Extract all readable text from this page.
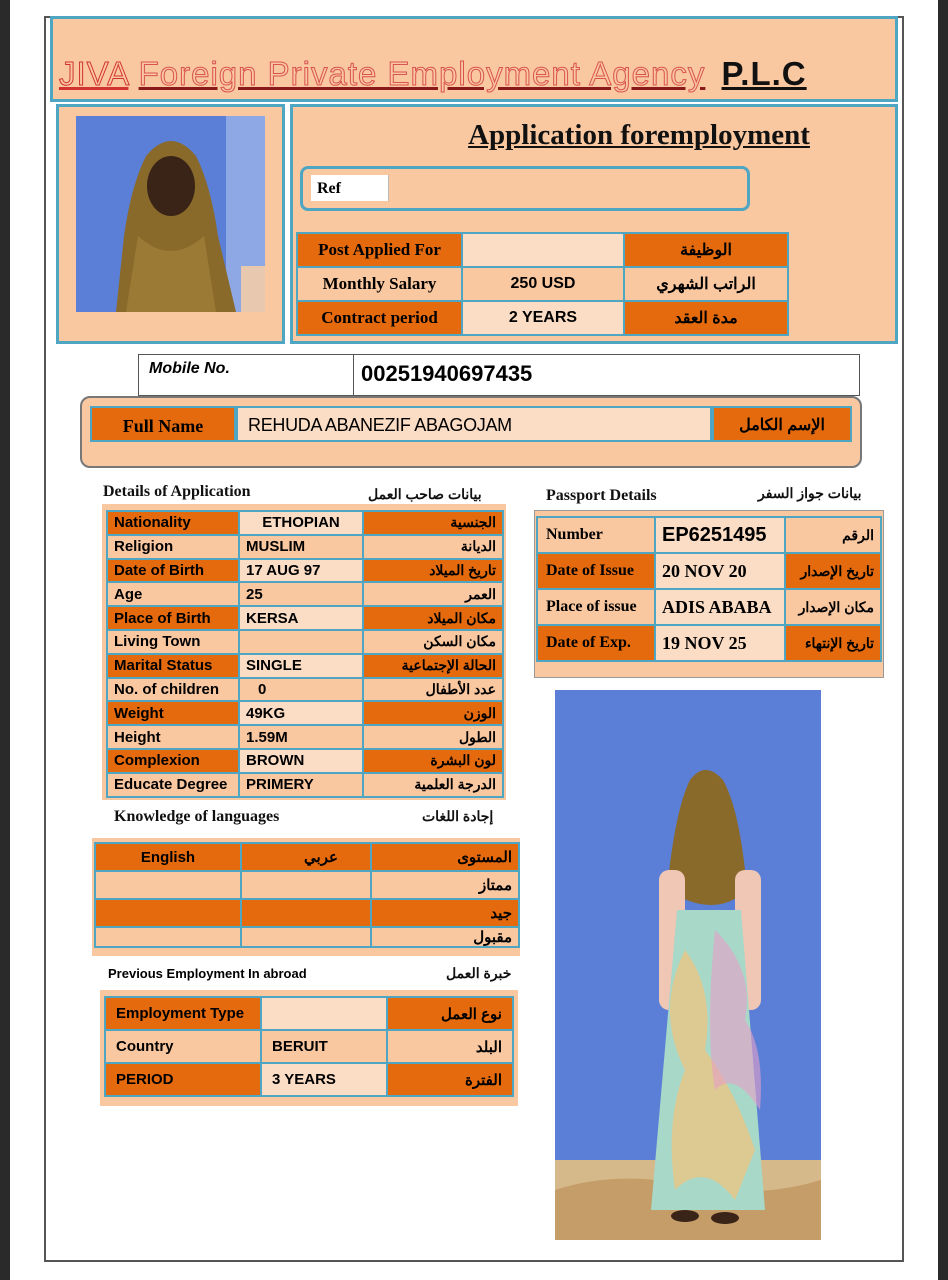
JIVA Foreign Private Employment Agency P.L.C
Application foremployment
Ref
Post Applied For		الوظيفة
Monthly Salary	250 USD	الراتب الشهري
Contract period	2 YEARS	مدة العقد
Mobile No.	00251940697435
Full Name	REHUDA ABANEZIF ABAGOJAM	الإسم الكامل
Details of Application	بيانات صاحب العمل
Nationality	ETHOPIAN	الجنسية
Religion	MUSLIM	الديانة
Date of Birth	17 AUG 97	تاريخ الميلاد
Age	25	العمر
Place of Birth	KERSA	مكان الميلاد
Living Town		مكان السكن
Marital Status	SINGLE	الحالة الإجتماعية
No. of children	0	عدد الأطفال
Weight	49KG	الوزن
Height	1.59M	الطول
Complexion	BROWN	لون البشرة
Educate Degree	PRIMERY	الدرجة العلمية
Knowledge of languages	إجادة اللغات
English	عربي	المستوى
		ممتاز
		جيد
		مقبول
Previous Employment In abroad	خبرة العمل
Employment Type		نوع العمل
Country	BERUIT	البلد
PERIOD	3 YEARS	الفترة
Passport Details	بيانات جواز السفر
Number	EP6251495	الرقم
Date of Issue	20 NOV 20	تاريخ الإصدار
Place of issue	ADIS ABABA	مكان الإصدار
Date of Exp.	19 NOV 25	تاريخ الإنتهاء
